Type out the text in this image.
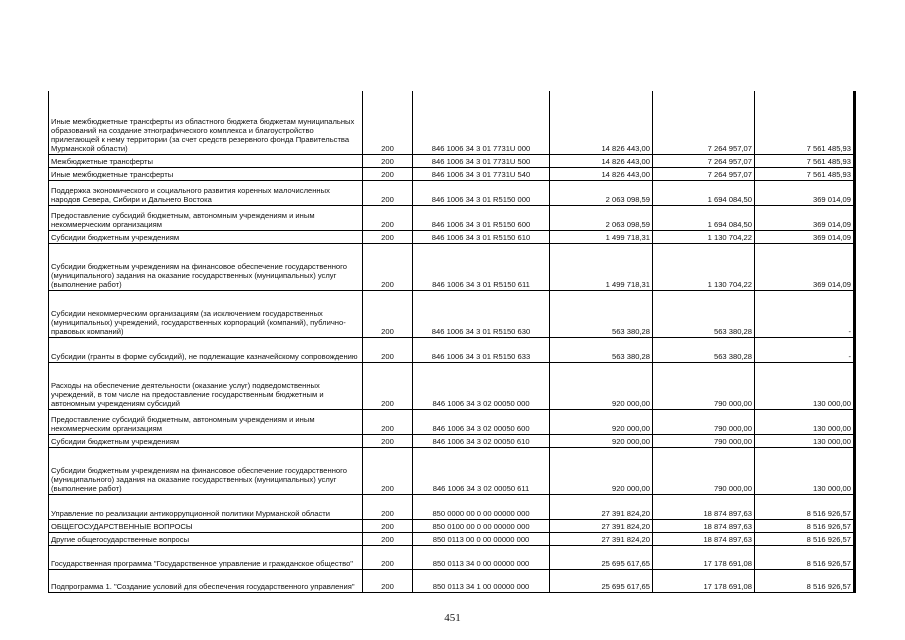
Иные межбюджетные трансферты из областного бюджета бюджетам муниципальных образований на создание этнографического комплекса и благоустройство прилегающей к нему территории (за счет средств резервного фонда Правительства Мурманской области)	200	846 1006 34 3 01 7731U 000	14 826 443,00	7 264 957,07	7 561 485,93
Межбюджетные трансферты	200	846 1006 34 3 01 7731U 500	14 826 443,00	7 264 957,07	7 561 485,93
Иные межбюджетные трансферты	200	846 1006 34 3 01 7731U 540	14 826 443,00	7 264 957,07	7 561 485,93
Поддержка экономического и социального развития коренных малочисленных народов Севера, Сибири и Дальнего Востока	200	846 1006 34 3 01 R5150 000	2 063 098,59	1 694 084,50	369 014,09
Предоставление субсидий бюджетным, автономным учреждениям и иным некоммерческим организациям	200	846 1006 34 3 01 R5150 600	2 063 098,59	1 694 084,50	369 014,09
Субсидии бюджетным учреждениям	200	846 1006 34 3 01 R5150 610	1 499 718,31	1 130 704,22	369 014,09
Субсидии бюджетным учреждениям на финансовое обеспечение государственного (муниципального) задания на оказание государственных (муниципальных) услуг (выполнение работ)	200	846 1006 34 3 01 R5150 611	1 499 718,31	1 130 704,22	369 014,09
Субсидии некоммерческим организациям (за исключением государственных (муниципальных) учреждений, государственных корпораций (компаний), публично-правовых компаний)	200	846 1006 34 3 01 R5150 630	563 380,28	563 380,28	-
Субсидии (гранты в форме субсидий), не подлежащие казначейскому сопровождению	200	846 1006 34 3 01 R5150 633	563 380,28	563 380,28	-
Расходы на обеспечение деятельности (оказание услуг) подведомственных учреждений, в том числе на предоставление государственным бюджетным и автономным учреждениям субсидий	200	846 1006 34 3 02 00050 000	920 000,00	790 000,00	130 000,00
Предоставление субсидий бюджетным, автономным учреждениям и иным некоммерческим организациям	200	846 1006 34 3 02 00050 600	920 000,00	790 000,00	130 000,00
Субсидии бюджетным учреждениям	200	846 1006 34 3 02 00050 610	920 000,00	790 000,00	130 000,00
Субсидии бюджетным учреждениям на финансовое обеспечение государственного (муниципального) задания на оказание государственных (муниципальных) услуг (выполнение работ)	200	846 1006 34 3 02 00050 611	920 000,00	790 000,00	130 000,00
Управление по реализации антикоррупционной политики Мурманской области	200	850 0000 00 0 00 00000 000	27 391 824,20	18 874 897,63	8 516 926,57
ОБЩЕГОСУДАРСТВЕННЫЕ ВОПРОСЫ	200	850 0100 00 0 00 00000 000	27 391 824,20	18 874 897,63	8 516 926,57
Другие общегосударственные вопросы	200	850 0113 00 0 00 00000 000	27 391 824,20	18 874 897,63	8 516 926,57
Государственная программа "Государственное управление и гражданское общество"	200	850 0113 34 0 00 00000 000	25 695 617,65	17 178 691,08	8 516 926,57
Подпрограмма 1. "Создание условий для обеспечения государственного управления"	200	850 0113 34 1 00 00000 000	25 695 617,65	17 178 691,08	8 516 926,57
451
